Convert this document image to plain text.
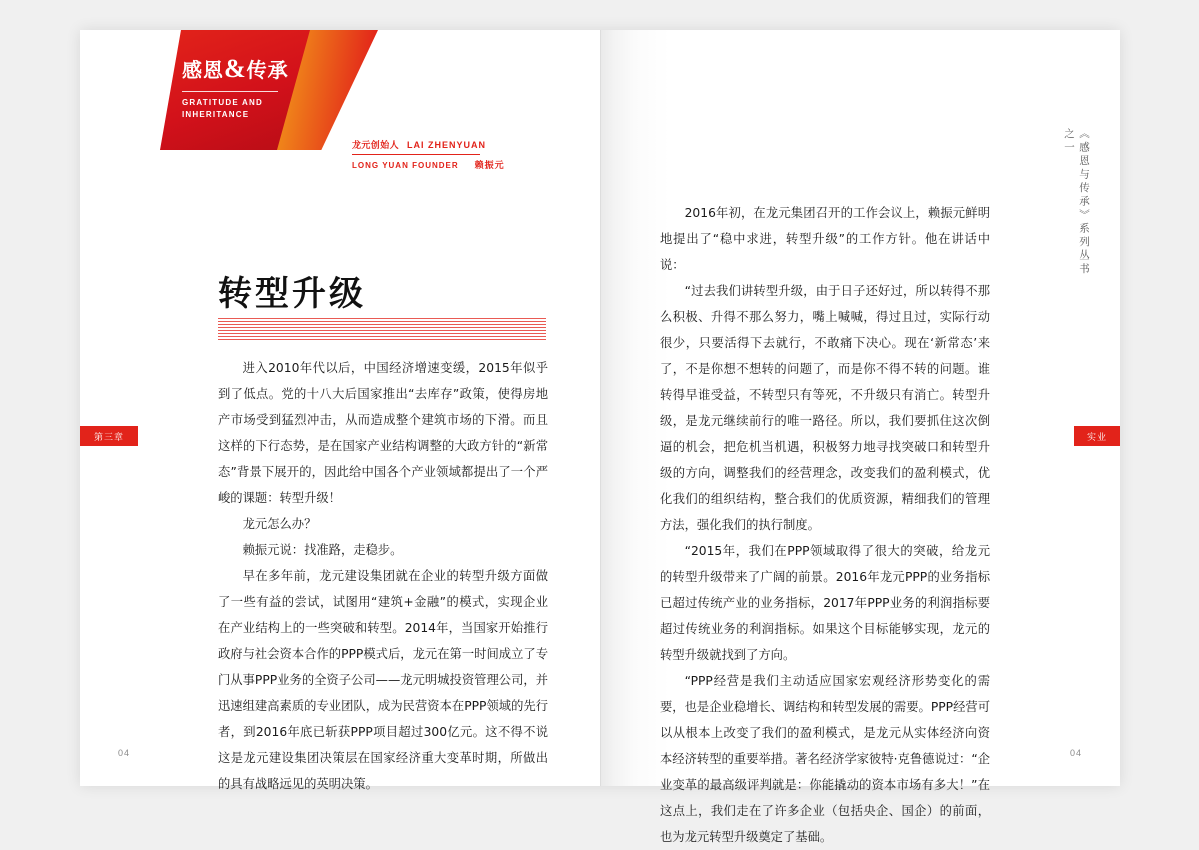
感恩&传承
GRATITUDE AND
INHERITANCE
龙元创始人 LAI ZHENYUAN
LONG YUAN FOUNDER 赖振元
第三章
转型升级

进入2010年代以后，中国经济增速变缓，2015年似乎到了低点。党的十八大后国家推出“去库存”政策，使得房地产市场受到猛烈冲击，从而造成整个建筑市场的下滑。而且这样的下行态势，是在国家产业结构调整的大政方针的“新常态”背景下展开的，因此给中国各个产业领域都提出了一个严峻的课题：转型升级！

龙元怎么办？

赖振元说：找准路，走稳步。

早在多年前，龙元建设集团就在企业的转型升级方面做了一些有益的尝试，试图用“建筑+金融”的模式，实现企业在产业结构上的一些突破和转型。2014年，当国家开始推行政府与社会资本合作的PPP模式后，龙元在第一时间成立了专门从事PPP业务的全资子公司——龙元明城投资管理公司，并迅速组建高素质的专业团队，成为民营资本在PPP领域的先行者，到2016年底已斩获PPP项目超过300亿元。这不得不说这是龙元建设集团决策层在国家经济重大变革时期，所做出的具有战略远见的英明决策。

04
《感恩与传承》系列丛书之一
实业

2016年初，在龙元集团召开的工作会议上，赖振元鲜明地提出了“稳中求进，转型升级”的工作方针。他在讲话中说：

“过去我们讲转型升级，由于日子还好过，所以转得不那么积极、升得不那么努力，嘴上喊喊，得过且过，实际行动很少，只要活得下去就行，不敢痛下决心。现在‘新常态’来了，不是你想不想转的问题了，而是你不得不转的问题。谁转得早谁受益，不转型只有等死，不升级只有消亡。转型升级，是龙元继续前行的唯一路径。所以，我们要抓住这次倒逼的机会，把危机当机遇，积极努力地寻找突破口和转型升级的方向，调整我们的经营理念，改变我们的盈利模式，优化我们的组织结构，整合我们的优质资源，精细我们的管理方法，强化我们的执行制度。

“2015年，我们在PPP领域取得了很大的突破，给龙元的转型升级带来了广阔的前景。2016年龙元PPP的业务指标已超过传统产业的业务指标，2017年PPP业务的利润指标要超过传统业务的利润指标。如果这个目标能够实现，龙元的转型升级就找到了方向。

“PPP经营是我们主动适应国家宏观经济形势变化的需要，也是企业稳增长、调结构和转型发展的需要。PPP经营可以从根本上改变了我们的盈利模式，是龙元从实体经济向资本经济转型的重要举措。著名经济学家彼特·克鲁德说过：“企业变革的最高级评判就是：你能撬动的资本市场有多大！”在这点上，我们走在了许多企业（包括央企、国企）的前面，也为龙元转型升级奠定了基础。

04
